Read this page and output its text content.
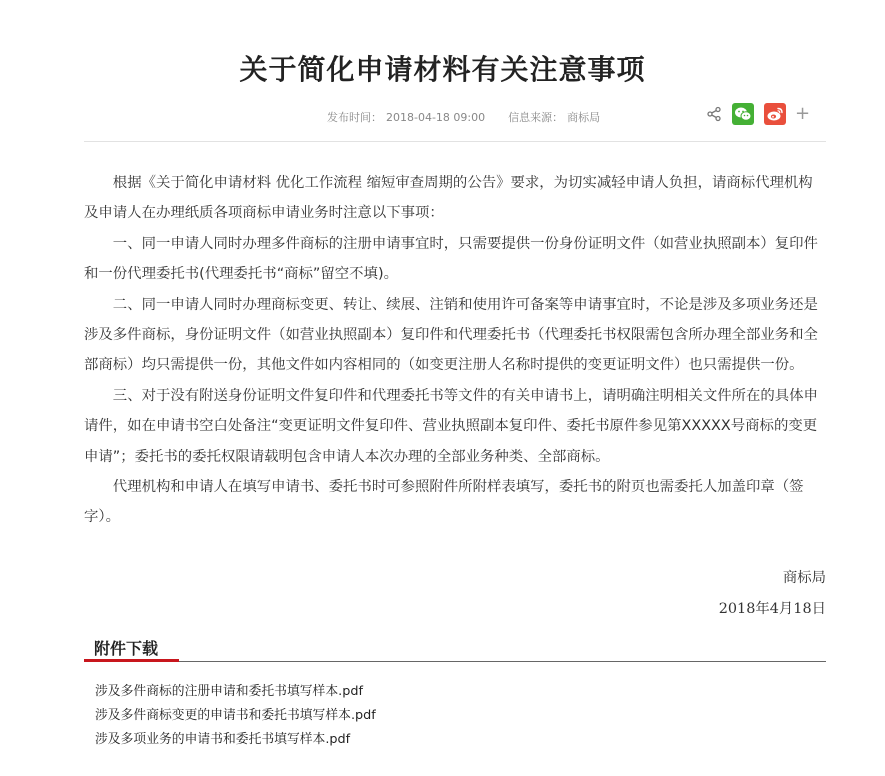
关于简化申请材料有关注意事项
发布时间： 2018-04-18 09:00 信息来源： 商标局	+

根据《关于简化申请材料 优化工作流程 缩短审查周期的公告》要求，为切实减轻申请人负担，请商标代理机构及申请人在办理纸质各项商标申请业务时注意以下事项：

一、同一申请人同时办理多件商标的注册申请事宜时，只需要提供一份身份证明文件（如营业执照副本）复印件和一份代理委托书(代理委托书“商标”留空不填)。

二、同一申请人同时办理商标变更、转让、续展、注销和使用许可备案等申请事宜时，不论是涉及多项业务还是涉及多件商标，身份证明文件（如营业执照副本）复印件和代理委托书（代理委托书权限需包含所办理全部业务和全部商标）均只需提供一份，其他文件如内容相同的（如变更注册人名称时提供的变更证明文件）也只需提供一份。

三、对于没有附送身份证明文件复印件和代理委托书等文件的有关申请书上，请明确注明相关文件所在的具体申请件，如在申请书空白处备注“变更证明文件复印件、营业执照副本复印件、委托书原件参见第XXXXX号商标的变更申请”；委托书的委托权限请载明包含申请人本次办理的全部业务种类、全部商标。

代理机构和申请人在填写申请书、委托书时可参照附件所附样表填写，委托书的附页也需委托人加盖印章（签字）。

商标局
2018年4月18日
附件下载
涉及多件商标的注册申请和委托书填写样本.pdf
涉及多件商标变更的申请书和委托书填写样本.pdf
涉及多项业务的申请书和委托书填写样本.pdf
